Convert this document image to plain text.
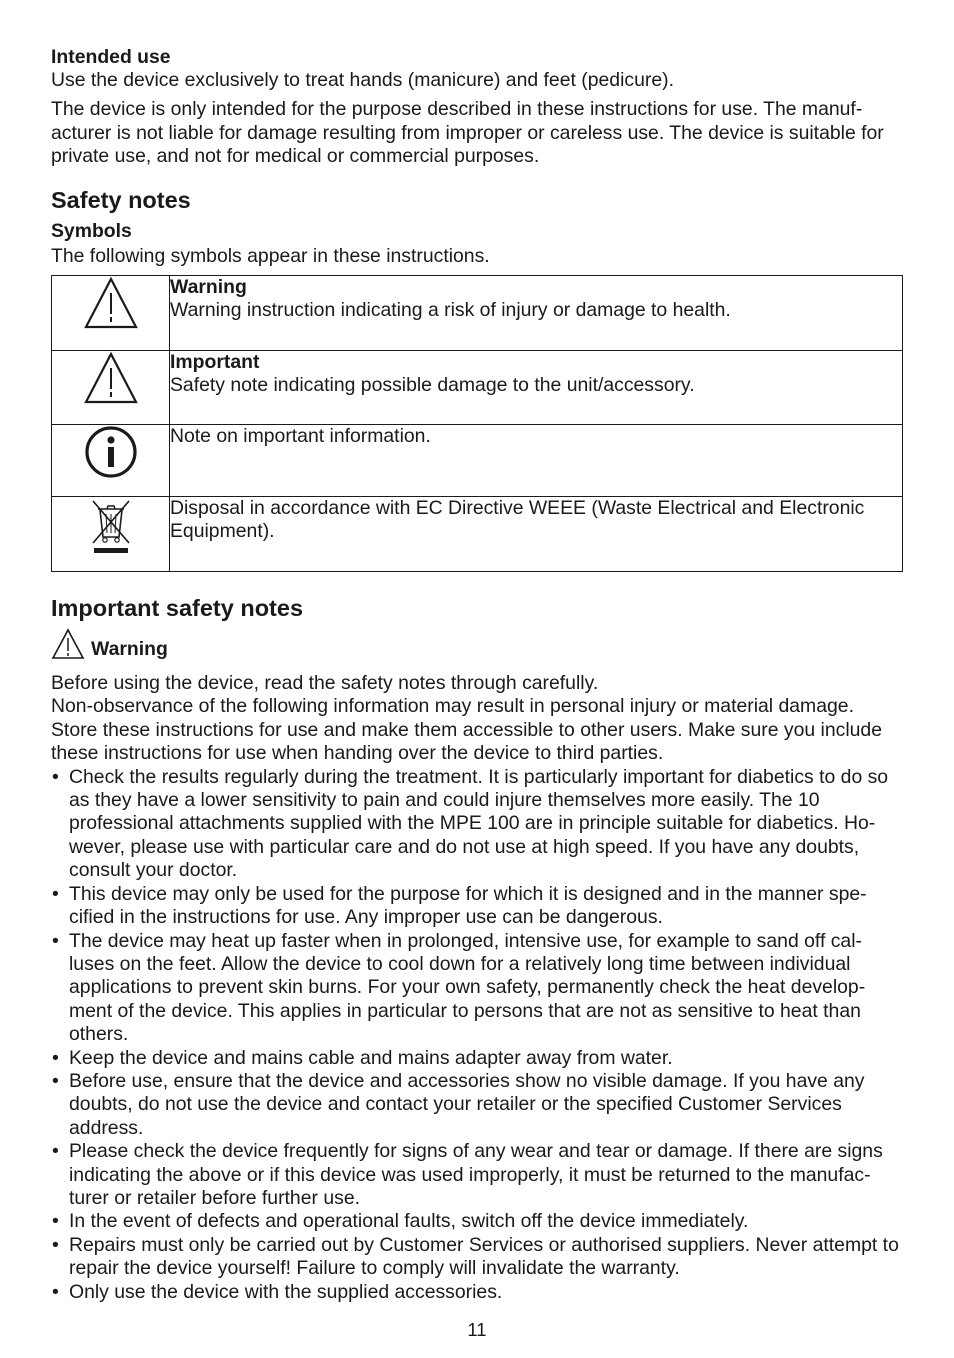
Intended use

Use the device exclusively to treat hands (manicure) and feet (pedicure).

The device is only intended for the purpose described in these instructions for use. The manuf-acturer is not liable for damage resulting from improper or careless use. The device is suitable for private use, and not for medical or commercial purposes.

Safety notes

Symbols

The following symbols appear in these instructions.

Warning
Warning instruction indicating a risk of injury or damage to health.

Important
Safety note indicating possible damage to the unit/accessory.

	Note on important information.

	Disposal in accordance with EC Directive WEEE (Waste Electrical and Electronic Equipment).

Important safety notes

Warning

Before using the device, read the safety notes through carefully.

Non-observance of the following information may result in personal injury or material damage.

Store these instructions for use and make them accessible to other users. Make sure you include these instructions for use when handing over the device to third parties.

• Check the results regularly during the treatment. It is particularly important for diabetics to do so as they have a lower sensitivity to pain and could injure themselves more easily. The 10 professional attachments supplied with the MPE 100 are in principle suitable for diabetics. Ho-wever, please use with particular care and do not use at high speed. If you have any doubts, consult your doctor.
• This device may only be used for the purpose for which it is designed and in the manner spe-cified in the instructions for use. Any improper use can be dangerous.
• The device may heat up faster when in prolonged, intensive use, for example to sand off cal-luses on the feet. Allow the device to cool down for a relatively long time between individual applications to prevent skin burns. For your own safety, permanently check the heat develop-ment of the device. This applies in particular to persons that are not as sensitive to heat than others.
• Keep the device and mains cable and mains adapter away from water.
• Before use, ensure that the device and accessories show no visible damage. If you have any doubts, do not use the device and contact your retailer or the specified Customer Services address.
• Please check the device frequently for signs of any wear and tear or damage. If there are signs indicating the above or if this device was used improperly, it must be returned to the manufac-turer or retailer before further use.
• In the event of defects and operational faults, switch off the device immediately.
• Repairs must only be carried out by Customer Services or authorised suppliers. Never attempt to repair the device yourself! Failure to comply will invalidate the warranty.
• Only use the device with the supplied accessories.
11
